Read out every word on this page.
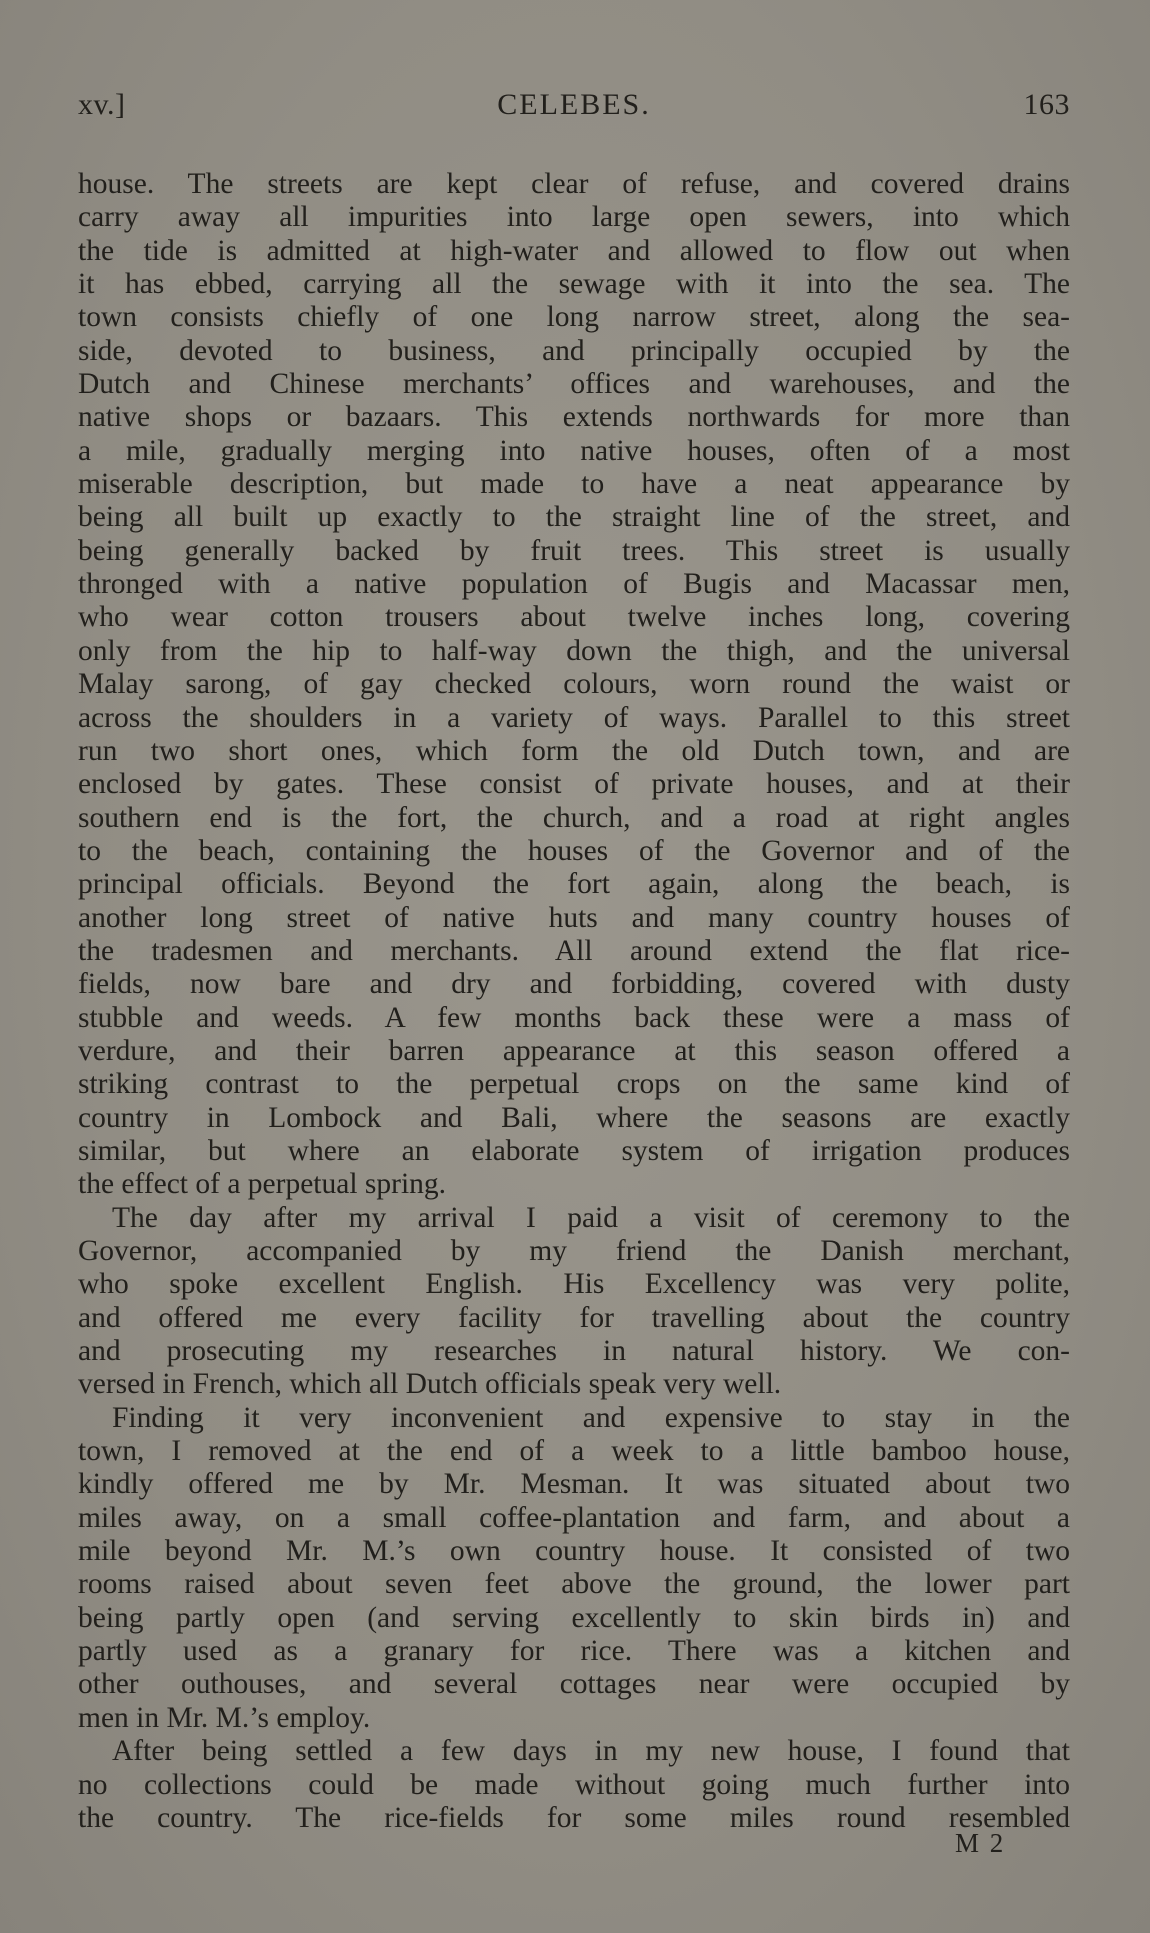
xv.]	CELEBES.	163
house. The streets are kept clear of refuse, and covered drains
carry away all impurities into large open sewers, into which
the tide is admitted at high-water and allowed to flow out when
it has ebbed, carrying all the sewage with it into the sea. The
town consists chiefly of one long narrow street, along the sea-
side, devoted to business, and principally occupied by the
Dutch and Chinese merchants’ offices and warehouses, and the
native shops or bazaars. This extends northwards for more than
a mile, gradually merging into native houses, often of a most
miserable description, but made to have a neat appearance by
being all built up exactly to the straight line of the street, and
being generally backed by fruit trees. This street is usually
thronged with a native population of Bugis and Macassar men,
who wear cotton trousers about twelve inches long, covering
only from the hip to half-way down the thigh, and the universal
Malay sarong, of gay checked colours, worn round the waist or
across the shoulders in a variety of ways. Parallel to this street
run two short ones, which form the old Dutch town, and are
enclosed by gates. These consist of private houses, and at their
southern end is the fort, the church, and a road at right angles
to the beach, containing the houses of the Governor and of the
principal officials. Beyond the fort again, along the beach, is
another long street of native huts and many country houses of
the tradesmen and merchants. All around extend the flat rice-
fields, now bare and dry and forbidding, covered with dusty
stubble and weeds. A few months back these were a mass of
verdure, and their barren appearance at this season offered a
striking contrast to the perpetual crops on the same kind of
country in Lombock and Bali, where the seasons are exactly
similar, but where an elaborate system of irrigation produces
the effect of a perpetual spring.
The day after my arrival I paid a visit of ceremony to the
Governor, accompanied by my friend the Danish merchant,
who spoke excellent English. His Excellency was very polite,
and offered me every facility for travelling about the country
and prosecuting my researches in natural history. We con-
versed in French, which all Dutch officials speak very well.
Finding it very inconvenient and expensive to stay in the
town, I removed at the end of a week to a little bamboo house,
kindly offered me by Mr. Mesman. It was situated about two
miles away, on a small coffee-plantation and farm, and about a
mile beyond Mr. M.’s own country house. It consisted of two
rooms raised about seven feet above the ground, the lower part
being partly open (and serving excellently to skin birds in) and
partly used as a granary for rice. There was a kitchen and
other outhouses, and several cottages near were occupied by
men in Mr. M.’s employ.
After being settled a few days in my new house, I found that
no collections could be made without going much further into
the country. The rice-fields for some miles round resembled
M 2
